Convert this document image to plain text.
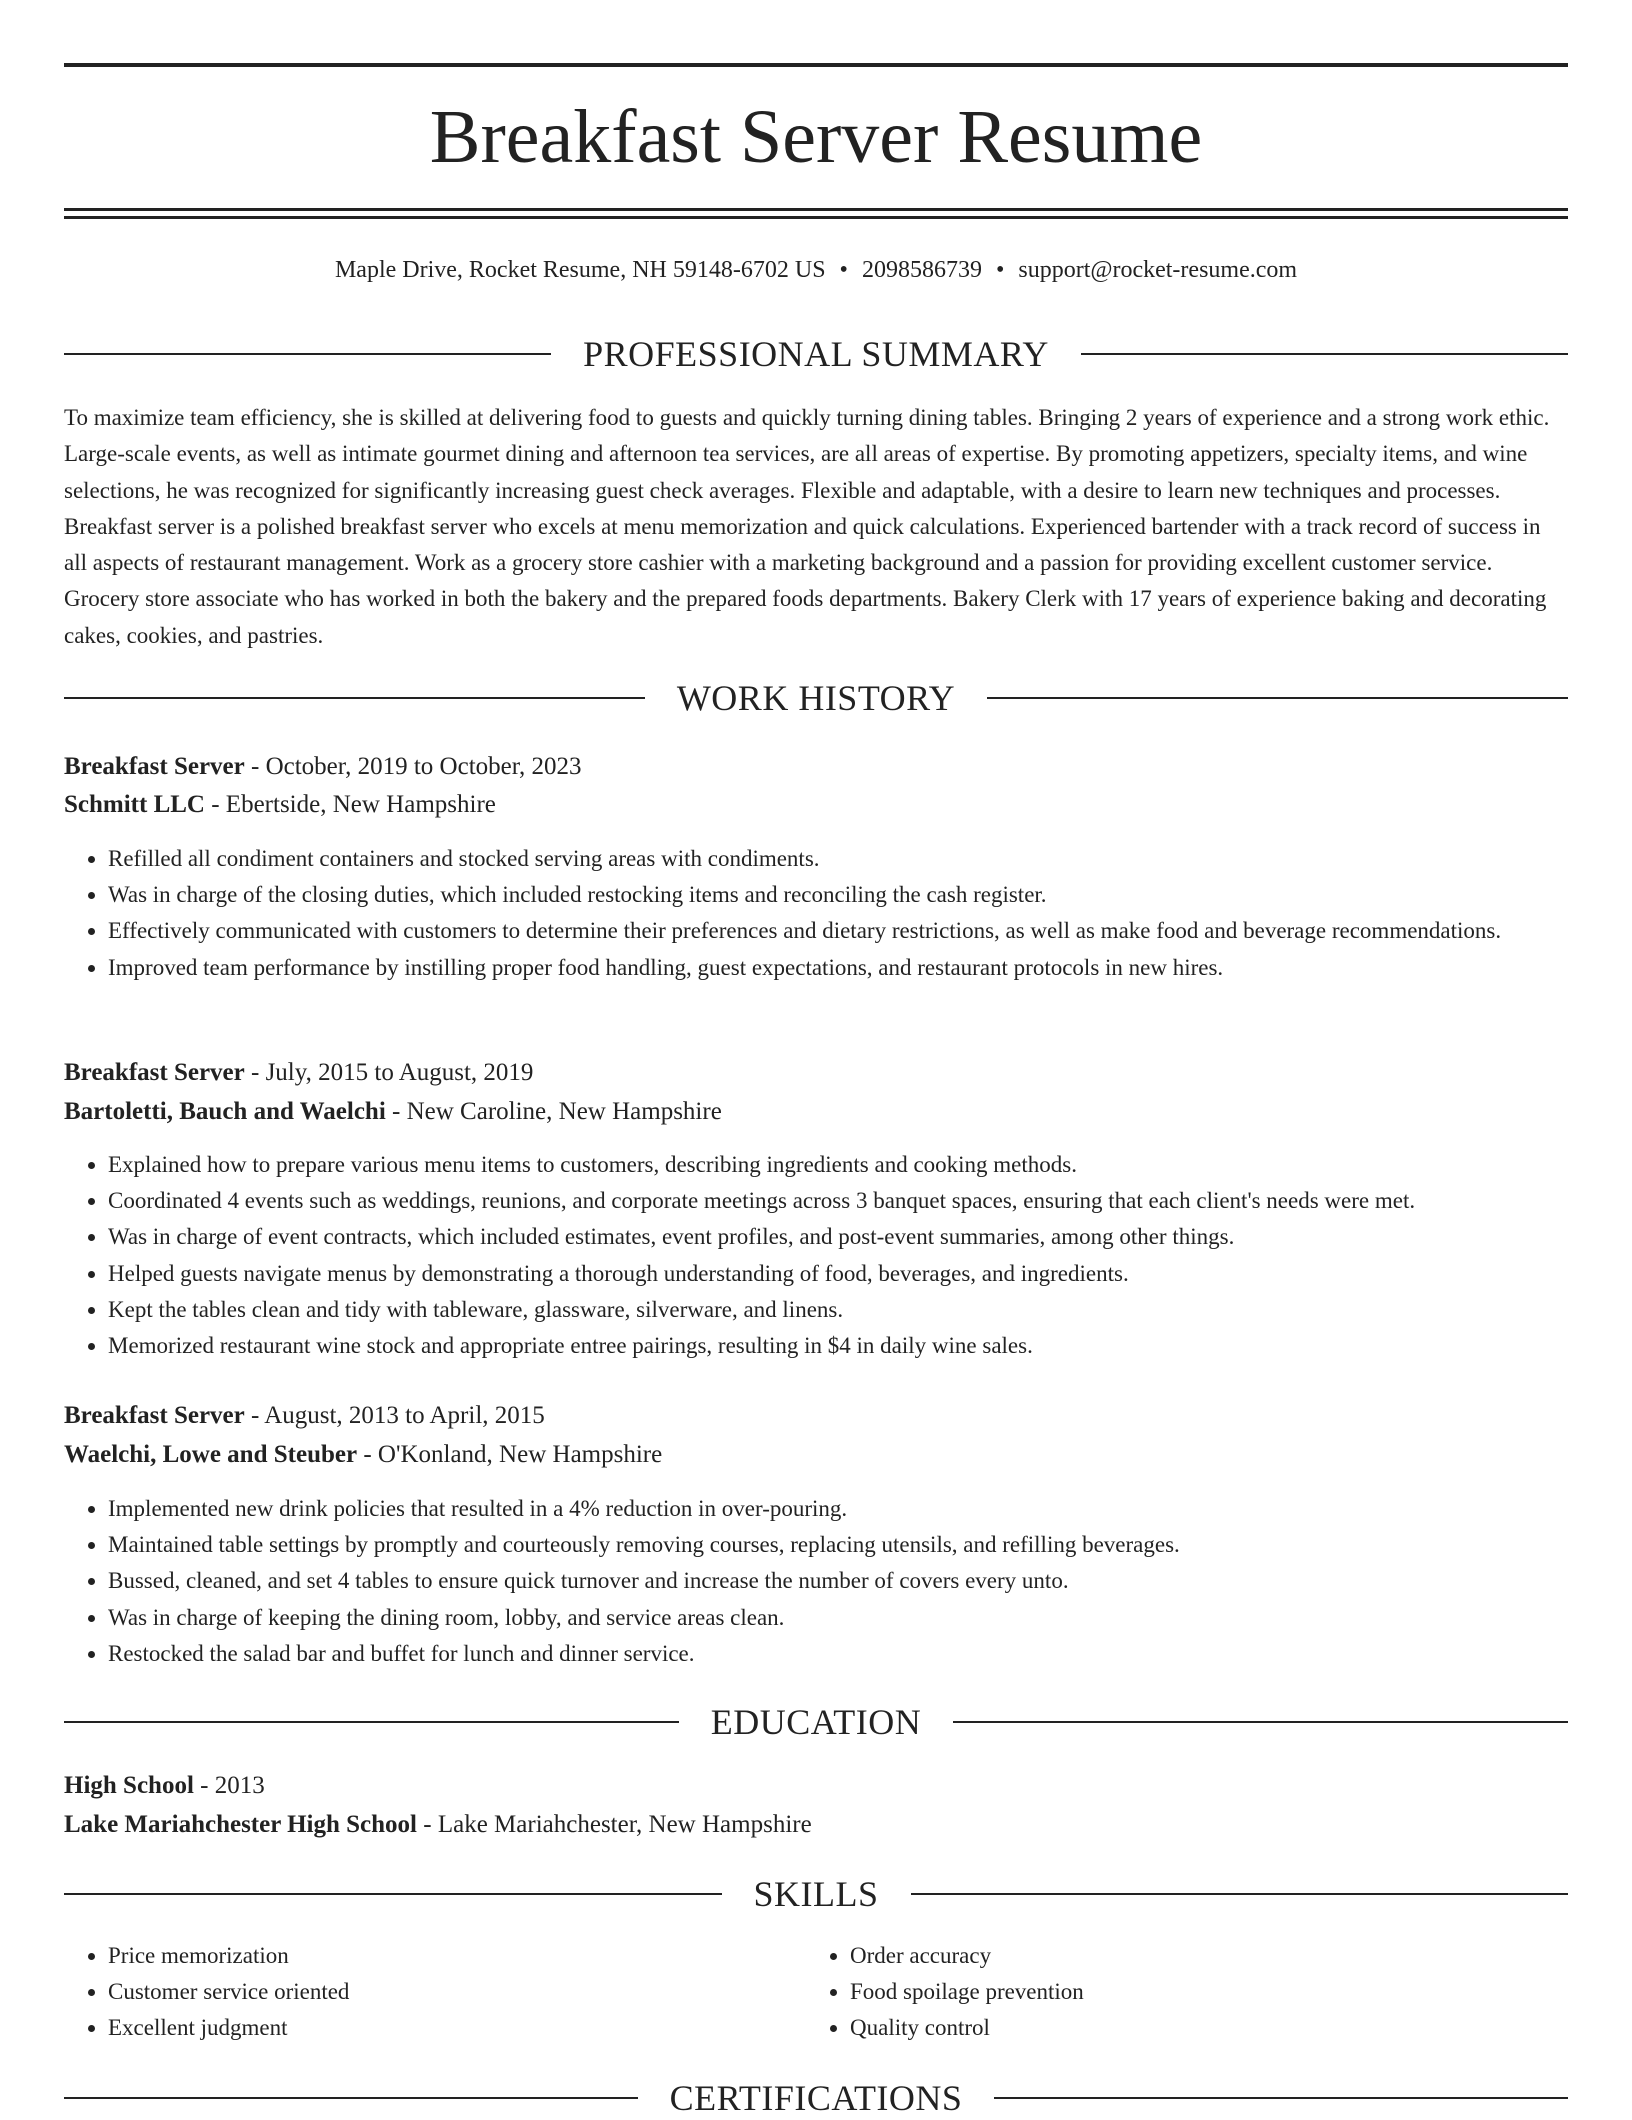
Breakfast Server Resume
Maple Drive, Rocket Resume, NH 59148-6702 US • 2098586739 • support@rocket-resume.com
PROFESSIONAL SUMMARY

To maximize team efficiency, she is skilled at delivering food to guests and quickly turning dining tables. Bringing 2 years of experience and a strong work ethic. Large-scale events, as well as intimate gourmet dining and afternoon tea services, are all areas of expertise. By promoting appetizers, specialty items, and wine selections, he was recognized for significantly increasing guest check averages. Flexible and adaptable, with a desire to learn new techniques and processes. Breakfast server is a polished breakfast server who excels at menu memorization and quick calculations. Experienced bartender with a track record of success in all aspects of restaurant management. Work as a grocery store cashier with a marketing background and a passion for providing excellent customer service. Grocery store associate who has worked in both the bakery and the prepared foods departments. Bakery Clerk with 17 years of experience baking and decorating cakes, cookies, and pastries.

WORK HISTORY
Breakfast Server - October, 2019 to October, 2023
Schmitt LLC - Ebertside, New Hampshire
• Refilled all condiment containers and stocked serving areas with condiments.
• Was in charge of the closing duties, which included restocking items and reconciling the cash register.
• Effectively communicated with customers to determine their preferences and dietary restrictions, as well as make food and beverage recommendations.
• Improved team performance by instilling proper food handling, guest expectations, and restaurant protocols in new hires.
Breakfast Server - July, 2015 to August, 2019
Bartoletti, Bauch and Waelchi - New Caroline, New Hampshire
• Explained how to prepare various menu items to customers, describing ingredients and cooking methods.
• Coordinated 4 events such as weddings, reunions, and corporate meetings across 3 banquet spaces, ensuring that each client's needs were met.
• Was in charge of event contracts, which included estimates, event profiles, and post-event summaries, among other things.
• Helped guests navigate menus by demonstrating a thorough understanding of food, beverages, and ingredients.
• Kept the tables clean and tidy with tableware, glassware, silverware, and linens.
• Memorized restaurant wine stock and appropriate entree pairings, resulting in $4 in daily wine sales.
Breakfast Server - August, 2013 to April, 2015
Waelchi, Lowe and Steuber - O'Konland, New Hampshire
• Implemented new drink policies that resulted in a 4% reduction in over-pouring.
• Maintained table settings by promptly and courteously removing courses, replacing utensils, and refilling beverages.
• Bussed, cleaned, and set 4 tables to ensure quick turnover and increase the number of covers every unto.
• Was in charge of keeping the dining room, lobby, and service areas clean.
• Restocked the salad bar and buffet for lunch and dinner service.
EDUCATION
High School - 2013
Lake Mariahchester High School - Lake Mariahchester, New Hampshire
SKILLS
• Price memorization
• Customer service oriented
• Excellent judgment
• Order accuracy
• Food spoilage prevention
• Quality control
CERTIFICATIONS
